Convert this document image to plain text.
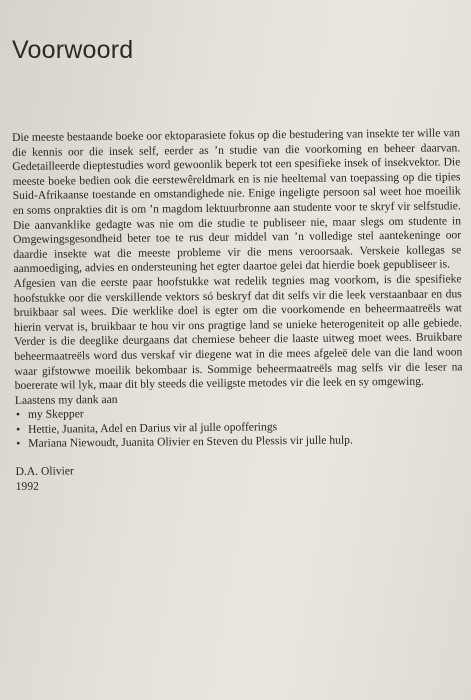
Voorwoord

Die meeste bestaande boeke oor ektoparasiete fokus op die bestudering van insekte ter wille van die kennis oor die insek self, eerder as ’n studie van die voorkoming en beheer daarvan. Gedetailleerde dieptestudies word gewoonlik beperk tot een spesifieke insek of insekvektor. Die meeste boeke bedien ook die eerstewêreldmark en is nie heeltemal van toepassing op die tipies Suid-Afrikaanse toestande en omstandighede nie. Enige ingeligte persoon sal weet hoe moeilik en soms onprakties dit is om ’n magdom lektuurbronne aan studente voor te skryf vir selfstudie. Die aanvanklike gedagte was nie om die studie te publiseer nie, maar slegs om studente in Omgewingsgesondheid beter toe te rus deur middel van ’n volledige stel aantekeninge oor daardie insekte wat die meeste probleme vir die mens veroorsaak. Verskeie kollegas se aanmoediging, advies en ondersteuning het egter daartoe gelei dat hierdie boek gepubliseer is.

Afgesien van die eerste paar hoofstukke wat redelik tegnies mag voorkom, is die spesifieke hoofstukke oor die verskillende vektors só beskryf dat dit selfs vir die leek verstaanbaar en dus bruikbaar sal wees. Die werklike doel is egter om die voorkomende en beheermaatreëls wat hierin vervat is, bruikbaar te hou vir ons pragtige land se unieke heterogeniteit op alle gebiede. Verder is die deeglike deurgaans dat chemiese beheer die laaste uitweg moet wees. Bruikbare beheermaatreëls word dus verskaf vir diegene wat in die mees afgeleë dele van die land woon waar gifstowwe moeilik bekombaar is. Sommige beheermaatreëls mag selfs vir die leser na boererate wil lyk, maar dit bly steeds die veiligste metodes vir die leek en sy omgewing.

Laastens my dank aan

• my Skepper
• Hettie, Juanita, Adel en Darius vir al julle opofferings
• Mariana Niewoudt, Juanita Olivier en Steven du Plessis vir julle hulp.
D.A. Olivier
1992
